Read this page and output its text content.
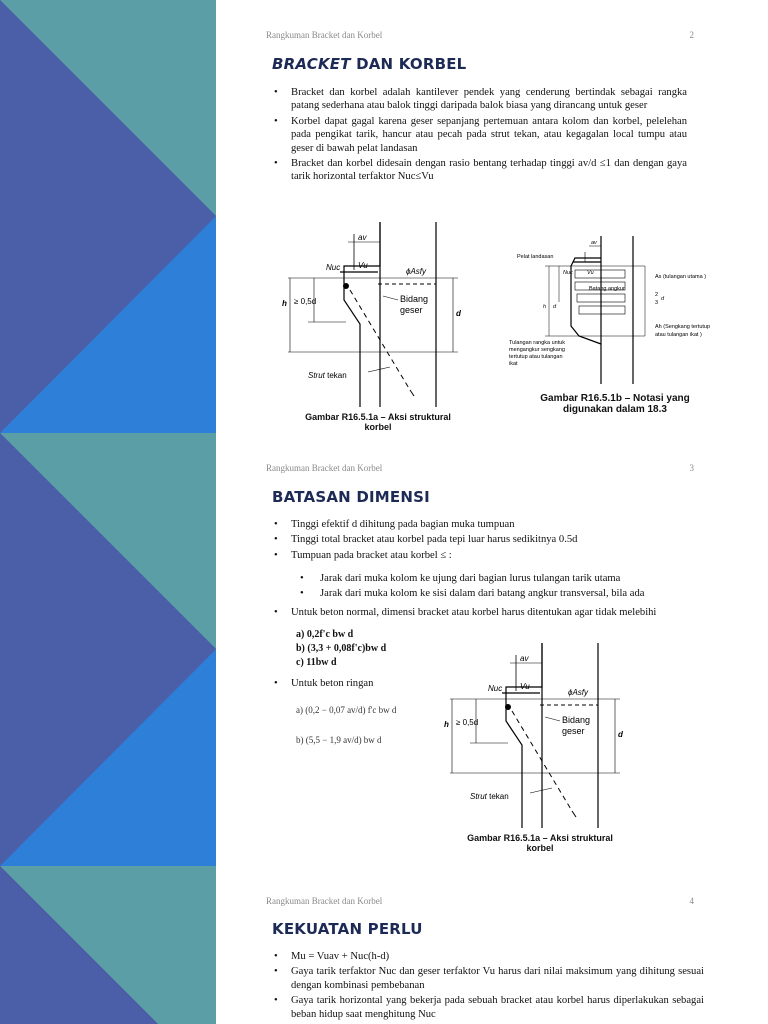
Rangkuman Bracket dan Korbel	2
BRACKET DAN KORBEL
• Bracket dan korbel adalah kantilever pendek yang cenderung bertindak sebagai rangka patang sederhana atau balok tinggi daripada balok biasa yang dirancang untuk geser
• Korbel dapat gagal karena geser sepanjang pertemuan antara kolom dan korbel, pelelehan pada pengikat tarik, hancur atau pecah pada strut tekan, atau kegagalan local tumpu atau geser di bawah pelat landasan
• Bracket dan korbel didesain dengan rasio bentang terhadap tinggi av/d ≤1 dan dengan gaya tarik horizontal terfaktor Nuc≤Vu
av
Nuc Vu
ϕAsfy
h ≥ 0,5d	Bidang
geser	d
Strut tekan
Gambar R16.5.1a – Aksi struktural
korbel
Pelat landasan
av
Nuc	Vu
As (tulangan utama )
Batang angkur
h d
2
3
d
Ah (Sengkang tertutup
atau tulangan ikat )
Tulangan rangka untuk
mengangkur sengkang
tertutup atau tulangan
ikat
Gambar R16.5.1b – Notasi yang
digunakan dalam 18.3
Rangkuman Bracket dan Korbel	3
BATASAN DIMENSI
• Tinggi efektif d dihitung pada bagian muka tumpuan
• Tinggi total bracket atau korbel pada tepi luar harus sedikitnya 0.5d
• Tumpuan pada bracket atau korbel ≤ :
• Jarak dari muka kolom ke ujung dari bagian lurus tulangan tarik utama
• Jarak dari muka kolom ke sisi dalam dari batang angkur transversal, bila ada
• Untuk beton normal, dimensi bracket atau korbel harus ditentukan agar tidak melebihi
a) 0,2f'c bw d
b) (3,3 + 0,08f'c)bw d
c) 11bw d
• Untuk beton ringan
a) (0,2 − 0,07 av/d) f'c bw d
b) (5,5 − 1,9 av/d) bw d
av
Nuc Vu
ϕAsfy
h ≥ 0,5d	Bidang
geser	d
Strut tekan
Gambar R16.5.1a – Aksi struktural
korbel
Rangkuman Bracket dan Korbel	4
KEKUATAN PERLU
• Mu = Vuav + Nuc(h-d)
• Gaya tarik terfaktor Nuc dan geser terfaktor Vu harus dari nilai maksimum yang dihitung sesuai dengan kombinasi pembebanan
• Gaya tarik horizontal yang bekerja pada sebuah bracket atau korbel harus diperlakukan sebagai beban hidup saat menghitung Nuc
